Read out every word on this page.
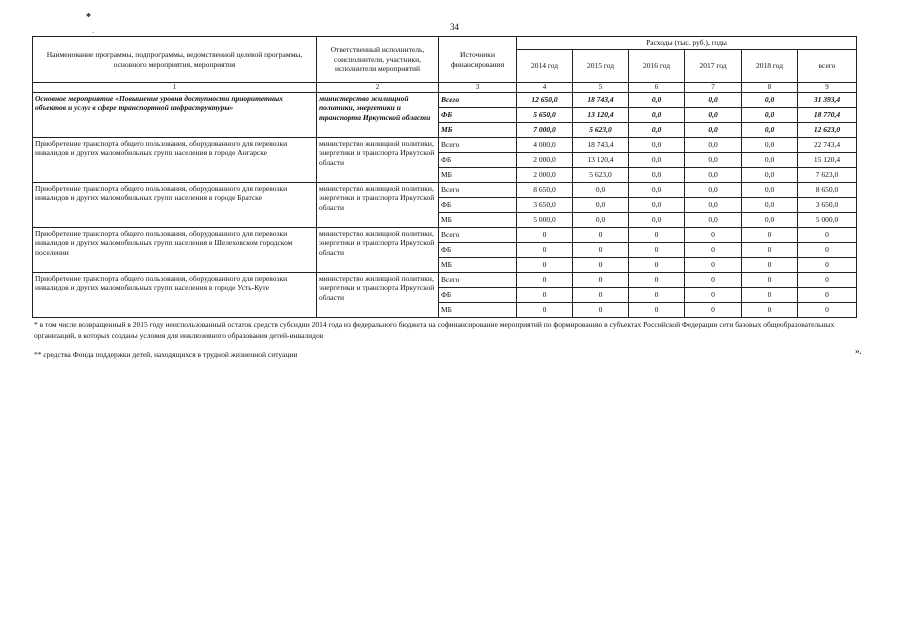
*
·
34
Наименование программы, подпрограммы, ведомственной целевой программы, основного мероприятия, мероприятия	Ответственный исполнитель, соисполнители, участники, исполнители мероприятий	Источники финансирования	Расходы (тыс. руб.), годы					
			2014 год	2015 год	2016 год	2017 год	2018 год	всего
1	2	3	4	5	6	7	8	9
Основное мероприятие «Повышение уровня доступности приоритетных объектов и услуг в сфере транспортной инфраструктуры»	министерство жилищной политики, энергетики и транспорта Иркутской области	Всего	12 650,0	18 743,4	0,0	0,0	0,0	31 393,4
		ФБ	5 650,0	13 120,4	0,0	0,0	0,0	18 770,4
		МБ	7 000,0	5 623,0	0,0	0,0	0,0	12 623,0
Приобретение транспорта общего пользования, оборудованного для перевозки инвалидов и других маломобильных групп населения в городе Ангарске	министерство жилищной политики, энергетики и транспорта Иркутской области	Всего	4 000,0	18 743,4	0,0	0,0	0,0	22 743,4
		ФБ	2 000,0	13 120,4	0,0	0,0	0,0	15 120,4
		МБ	2 000,0	5 623,0	0,0	0,0	0,0	7 623,0
Приобретение транспорта общего пользования, оборудованного для перевозки инвалидов и других маломобильных групп населения в городе Братске	министерство жилищной политики, энергетики и транспорта Иркутской области	Всего	8 650,0	0,0	0,0	0,0	0,0	8 650,0
		ФБ	3 650,0	0,0	0,0	0,0	0,0	3 650,0
		МБ	5 000,0	0,0	0,0	0,0	0,0	5 000,0
Приобретение транспорта общего пользования, оборудованного для перевозки инвалидов и других маломобильных групп населения в Шелеховском городском поселении	министерство жилищной политики, энергетики и транспорта Иркутской области	Всего	0	0	0	0	0	0
		ФБ	0	0	0	0	0	0
		МБ	0	0	0	0	0	0
Приобретение транспорта общего пользования, оборудованного для перевозки инвалидов и других маломобильных групп населения в городе Усть-Куте	министерство жилищной политики, энергетики и транспорта Иркутской области	Всего	0	0	0	0	0	0
		ФБ	0	0	0	0	0	0
		МБ	0	0	0	0	0	0
* в том числе возвращенный в 2015 году неиспользованный остаток средств субсидии 2014 года из федерального бюджета на софинансирование мероприятий по формированию в субъектах Российской Федерации сети базовых общеобразовательных организаций, в которых созданы условия для инклюзивного образования детей-инвалидов
** средства Фонда поддержки детей, находящихся в трудной жизненной ситуации	».
